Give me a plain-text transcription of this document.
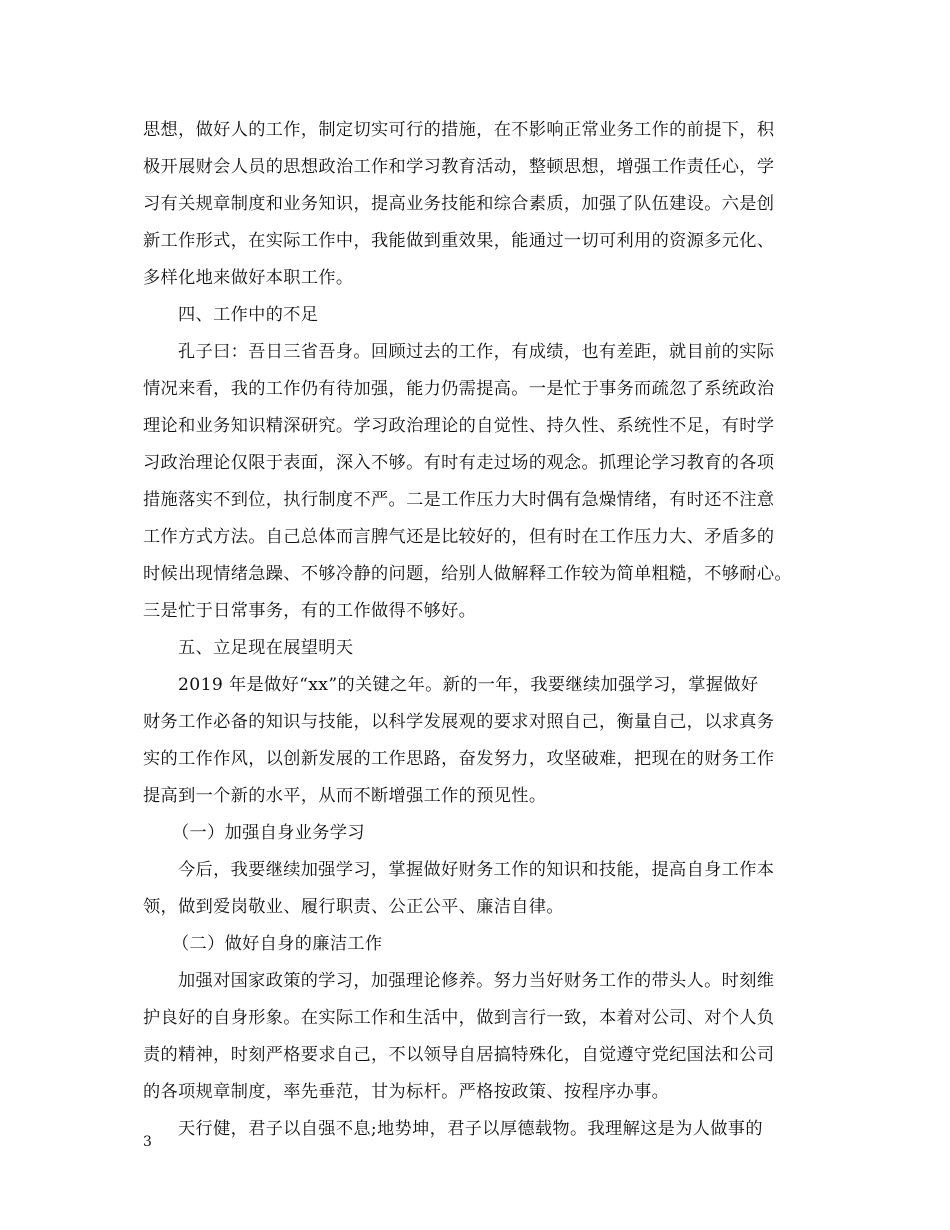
思想，做好人的工作，制定切实可行的措施，在不影响正常业务工作的前提下，积
极开展财会人员的思想政治工作和学习教育活动，整顿思想，增强工作责任心，学
习有关规章制度和业务知识，提高业务技能和综合素质，加强了队伍建设。六是创
新工作形式，在实际工作中，我能做到重效果，能通过一切可利用的资源多元化、
多样化地来做好本职工作。
四、工作中的不足
孔子曰：吾日三省吾身。回顾过去的工作，有成绩，也有差距，就目前的实际
情况来看，我的工作仍有待加强，能力仍需提高。一是忙于事务而疏忽了系统政治
理论和业务知识精深研究。学习政治理论的自觉性、持久性、系统性不足，有时学
习政治理论仅限于表面，深入不够。有时有走过场的观念。抓理论学习教育的各项
措施落实不到位，执行制度不严。二是工作压力大时偶有急燥情绪，有时还不注意
工作方式方法。自己总体而言脾气还是比较好的，但有时在工作压力大、矛盾多的
时候出现情绪急躁、不够冷静的问题，给别人做解释工作较为简单粗糙，不够耐心。
三是忙于日常事务，有的工作做得不够好。
五、立足现在展望明天
2019 年是做好“xx”的关键之年。新的一年，我要继续加强学习，掌握做好
财务工作必备的知识与技能，以科学发展观的要求对照自己，衡量自己，以求真务
实的工作作风，以创新发展的工作思路，奋发努力，攻坚破难，把现在的财务工作
提高到一个新的水平，从而不断增强工作的预见性。
（一）加强自身业务学习
今后，我要继续加强学习，掌握做好财务工作的知识和技能，提高自身工作本
领，做到爱岗敬业、履行职责、公正公平、廉洁自律。
（二）做好自身的廉洁工作
加强对国家政策的学习，加强理论修养。努力当好财务工作的带头人。时刻维
护良好的自身形象。在实际工作和生活中，做到言行一致，本着对公司、对个人负
责的精神，时刻严格要求自己，不以领导自居搞特殊化，自觉遵守党纪国法和公司
的各项规章制度，率先垂范，甘为标杆。严格按政策、按程序办事。
天行健，君子以自强不息;地势坤，君子以厚德载物。我理解这是为人做事的
3
